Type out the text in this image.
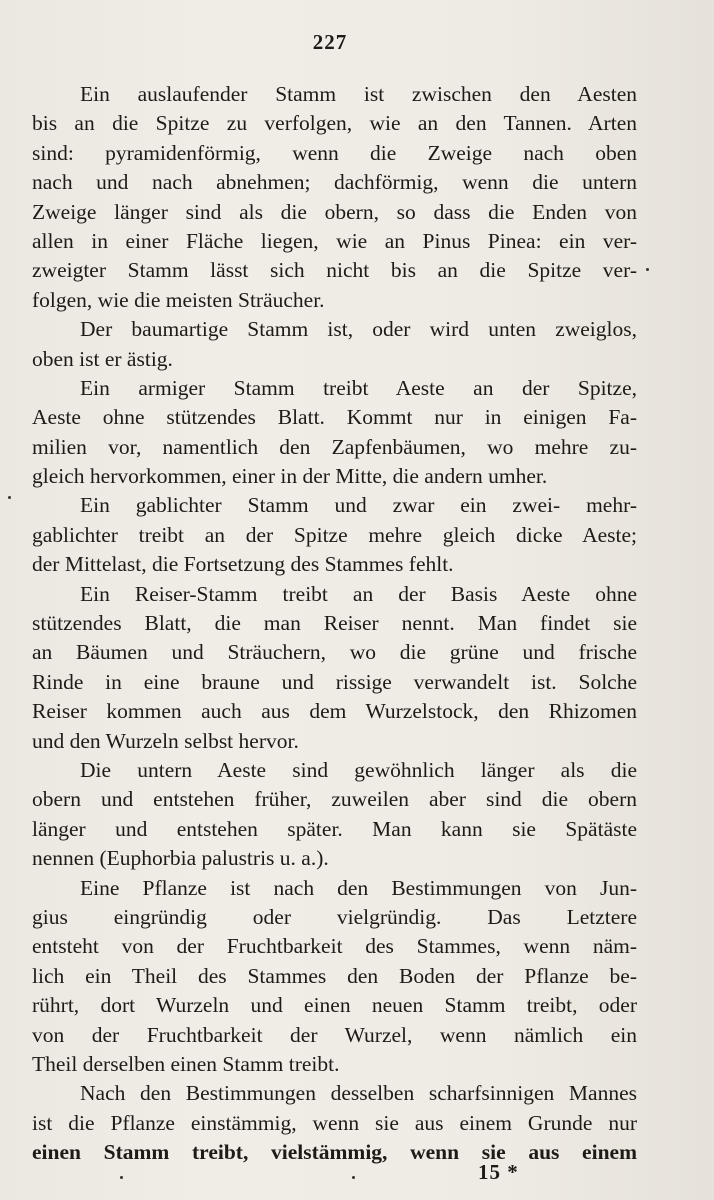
227
Ein auslaufender Stamm ist zwischen den Aesten
bis an die Spitze zu verfolgen, wie an den Tannen. Arten
sind: pyramidenförmig, wenn die Zweige nach oben
nach und nach abnehmen; dachförmig, wenn die untern
Zweige länger sind als die obern, so dass die Enden von
allen in einer Fläche liegen, wie an Pinus Pinea: ein ver-
zweigter Stamm lässt sich nicht bis an die Spitze ver-
folgen, wie die meisten Sträucher.
Der baumartige Stamm ist, oder wird unten zweiglos,
oben ist er ästig.
Ein armiger Stamm treibt Aeste an der Spitze,
Aeste ohne stützendes Blatt. Kommt nur in einigen Fa-
milien vor, namentlich den Zapfenbäumen, wo mehre zu-
gleich hervorkommen, einer in der Mitte, die andern umher.
Ein gablichter Stamm und zwar ein zwei- mehr-
gablichter treibt an der Spitze mehre gleich dicke Aeste;
der Mittelast, die Fortsetzung des Stammes fehlt.
Ein Reiser-Stamm treibt an der Basis Aeste ohne
stützendes Blatt, die man Reiser nennt. Man findet sie
an Bäumen und Sträuchern, wo die grüne und frische
Rinde in eine braune und rissige verwandelt ist. Solche
Reiser kommen auch aus dem Wurzelstock, den Rhizomen
und den Wurzeln selbst hervor.
Die untern Aeste sind gewöhnlich länger als die
obern und entstehen früher, zuweilen aber sind die obern
länger und entstehen später. Man kann sie Spätäste
nennen (Euphorbia palustris u. a.).
Eine Pflanze ist nach den Bestimmungen von Jun-
gius eingründig oder vielgründig. Das Letztere
entsteht von der Fruchtbarkeit des Stammes, wenn näm-
lich ein Theil des Stammes den Boden der Pflanze be-
rührt, dort Wurzeln und einen neuen Stamm treibt, oder
von der Fruchtbarkeit der Wurzel, wenn nämlich ein
Theil derselben einen Stamm treibt.
Nach den Bestimmungen desselben scharfsinnigen Mannes
ist die Pflanze einstämmig, wenn sie aus einem Grunde nur
einen Stamm treibt, vielstämmig, wenn sie aus einem
15 *
